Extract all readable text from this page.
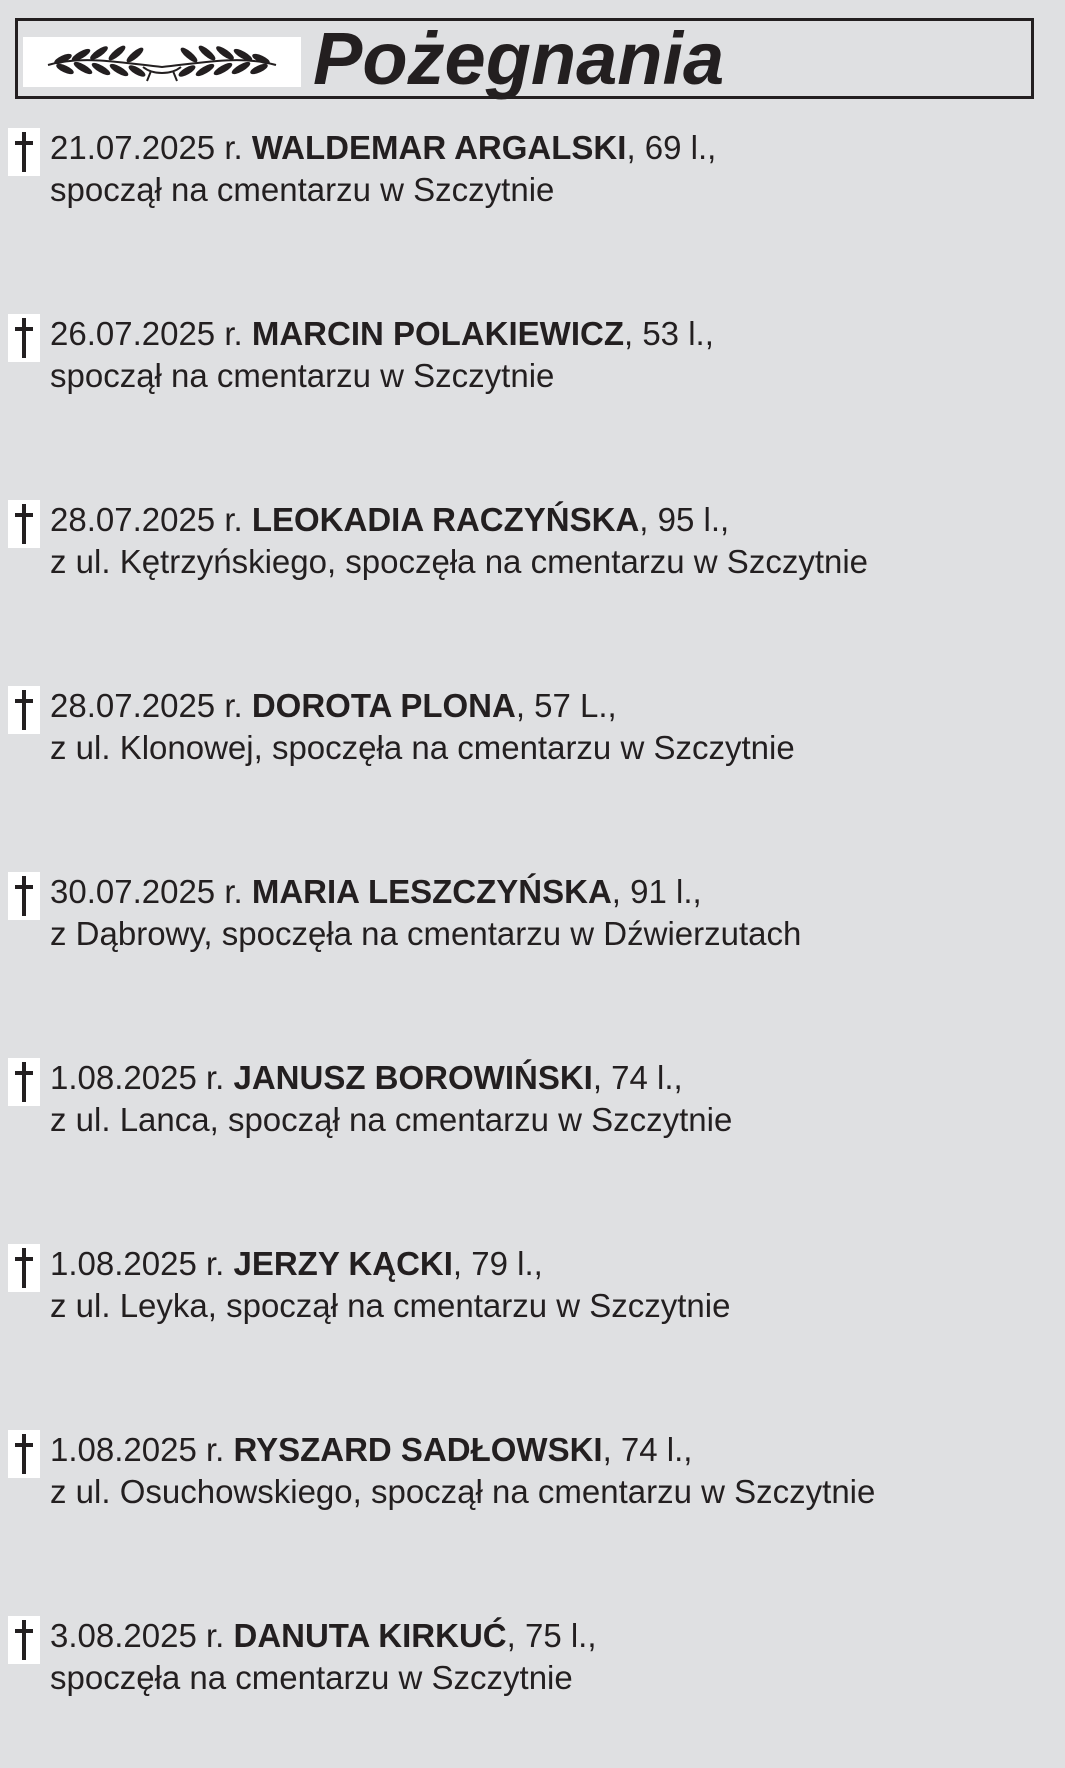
Pożegnania
21.07.2025 r. WALDEMAR ARGALSKI, 69 l.,
spoczął na cmentarzu w Szczytnie
26.07.2025 r. MARCIN POLAKIEWICZ, 53 l.,
spoczął na cmentarzu w Szczytnie
28.07.2025 r. LEOKADIA RACZYŃSKA, 95 l.,
z ul. Kętrzyńskiego, spoczęła na cmentarzu w Szczytnie
28.07.2025 r. DOROTA PLONA, 57 L.,
z ul. Klonowej, spoczęła na cmentarzu w Szczytnie
30.07.2025 r. MARIA LESZCZYŃSKA, 91 l.,
z Dąbrowy, spoczęła na cmentarzu w Dźwierzutach
1.08.2025 r. JANUSZ BOROWIŃSKI, 74 l.,
z ul. Lanca, spoczął na cmentarzu w Szczytnie
1.08.2025 r. JERZY KĄCKI, 79 l.,
z ul. Leyka, spoczął na cmentarzu w Szczytnie
1.08.2025 r. RYSZARD SADŁOWSKI, 74 l.,
z ul. Osuchowskiego, spoczął na cmentarzu w Szczytnie
3.08.2025 r. DANUTA KIRKUĆ, 75 l.,
spoczęła na cmentarzu w Szczytnie
